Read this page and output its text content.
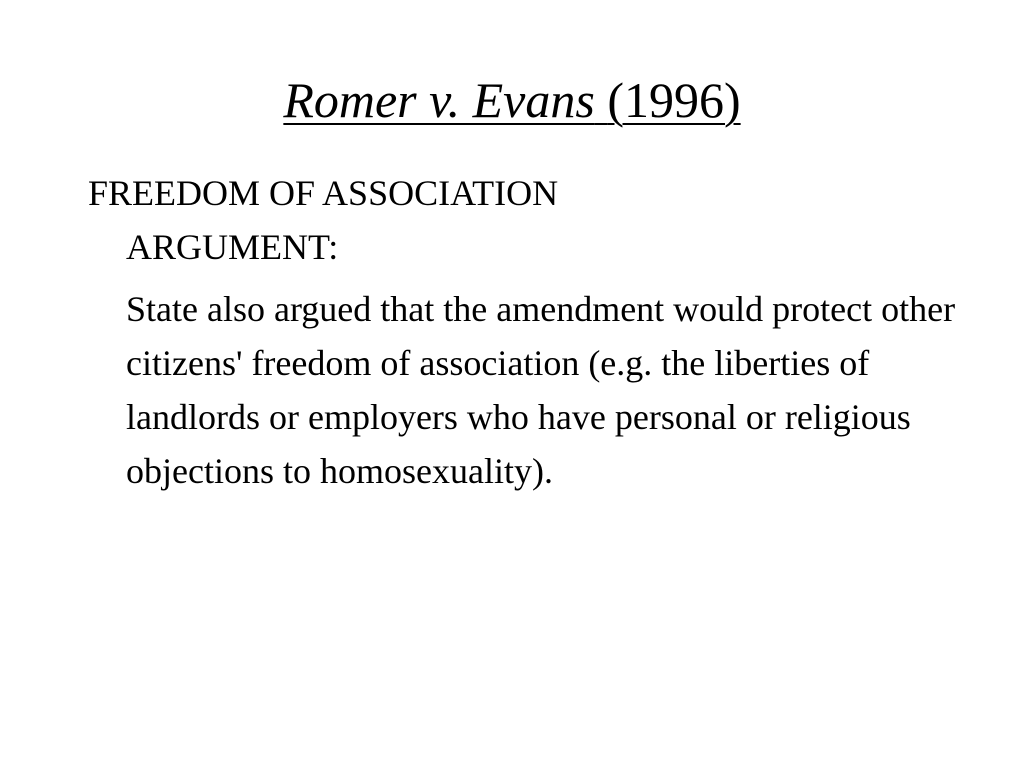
Romer v. Evans (1996)

FREEDOM OF ASSOCIATION ARGUMENT:

State also argued that the amendment would protect other citizens' freedom of association (e.g. the liberties of landlords or employers who have personal or religious objections to homosexuality).
